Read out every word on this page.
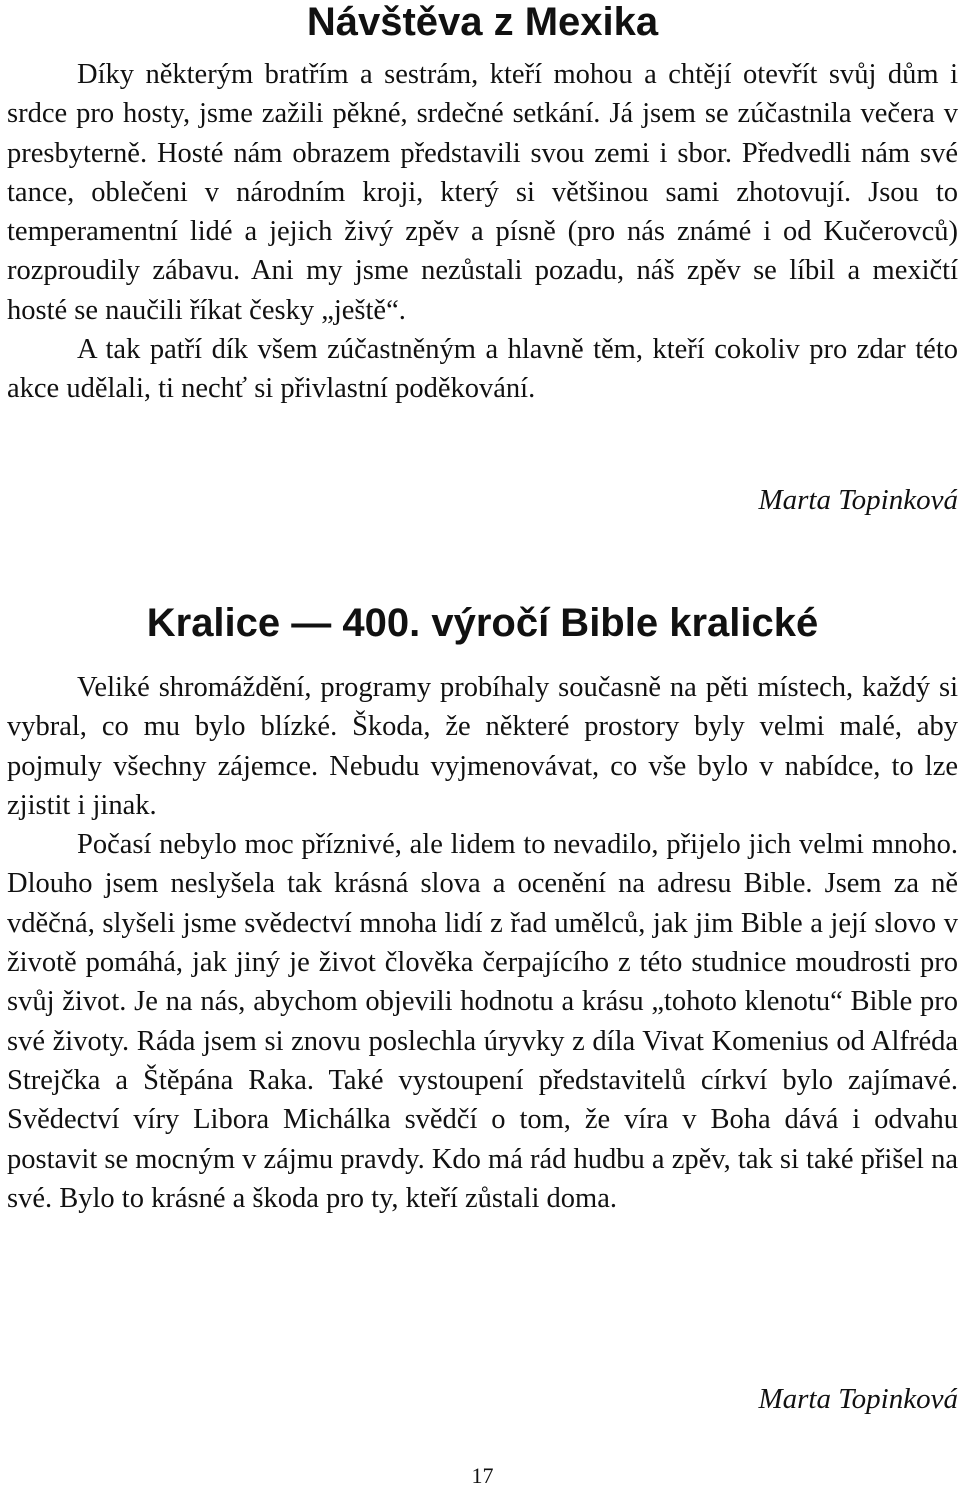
Návštěva z Mexika

Díky některým bratřím a sestrám, kteří mohou a chtějí otevřít svůj dům i srdce pro hosty, jsme zažili pěkné, srdečné setkání. Já jsem se zúčastnila večera v presbyterně. Hosté nám obrazem představili svou zemi i sbor. Předvedli nám své tance, oblečeni v národním kroji, který si většinou sami zhotovují. Jsou to temperamentní lidé a jejich živý zpěv a písně (pro nás známé i od Kučerovců) rozproudily zábavu. Ani my jsme nezůstali pozadu, náš zpěv se líbil a mexičtí hosté se naučili říkat česky „ještě“.

A tak patří dík všem zúčastněným a hlavně těm, kteří cokoliv pro zdar této akce udělali, ti nechť si přivlastní poděkování.

Marta Topinková
Kralice — 400. výročí Bible kralické

Veliké shromáždění, programy probíhaly současně na pěti místech, každý si vybral, co mu bylo blízké. Škoda, že některé prostory byly velmi malé, aby pojmuly všechny zájemce. Nebudu vyjmenovávat, co vše bylo v nabídce, to lze zjistit i jinak.

Počasí nebylo moc příznivé, ale lidem to nevadilo, přijelo jich velmi mnoho. Dlouho jsem neslyšela tak krásná slova a ocenění na adresu Bible. Jsem za ně vděčná, slyšeli jsme svědectví mnoha lidí z řad umělců, jak jim Bible a její slovo v životě pomáhá, jak jiný je život člověka čerpajícího z této studnice moudrosti pro svůj život. Je na nás, abychom objevili hodnotu a krásu „tohoto klenotu“ Bible pro své životy. Ráda jsem si znovu poslechla úryvky z díla Vivat Komenius od Alfréda Strejčka a Štěpána Raka. Také vystoupení představitelů církví bylo zajímavé. Svědectví víry Libora Michálka svědčí o tom, že víra v Boha dává i odvahu postavit se mocným v zájmu pravdy. Kdo má rád hudbu a zpěv, tak si také přišel na své. Bylo to krásné a škoda pro ty, kteří zůstali doma.

Marta Topinková
17
